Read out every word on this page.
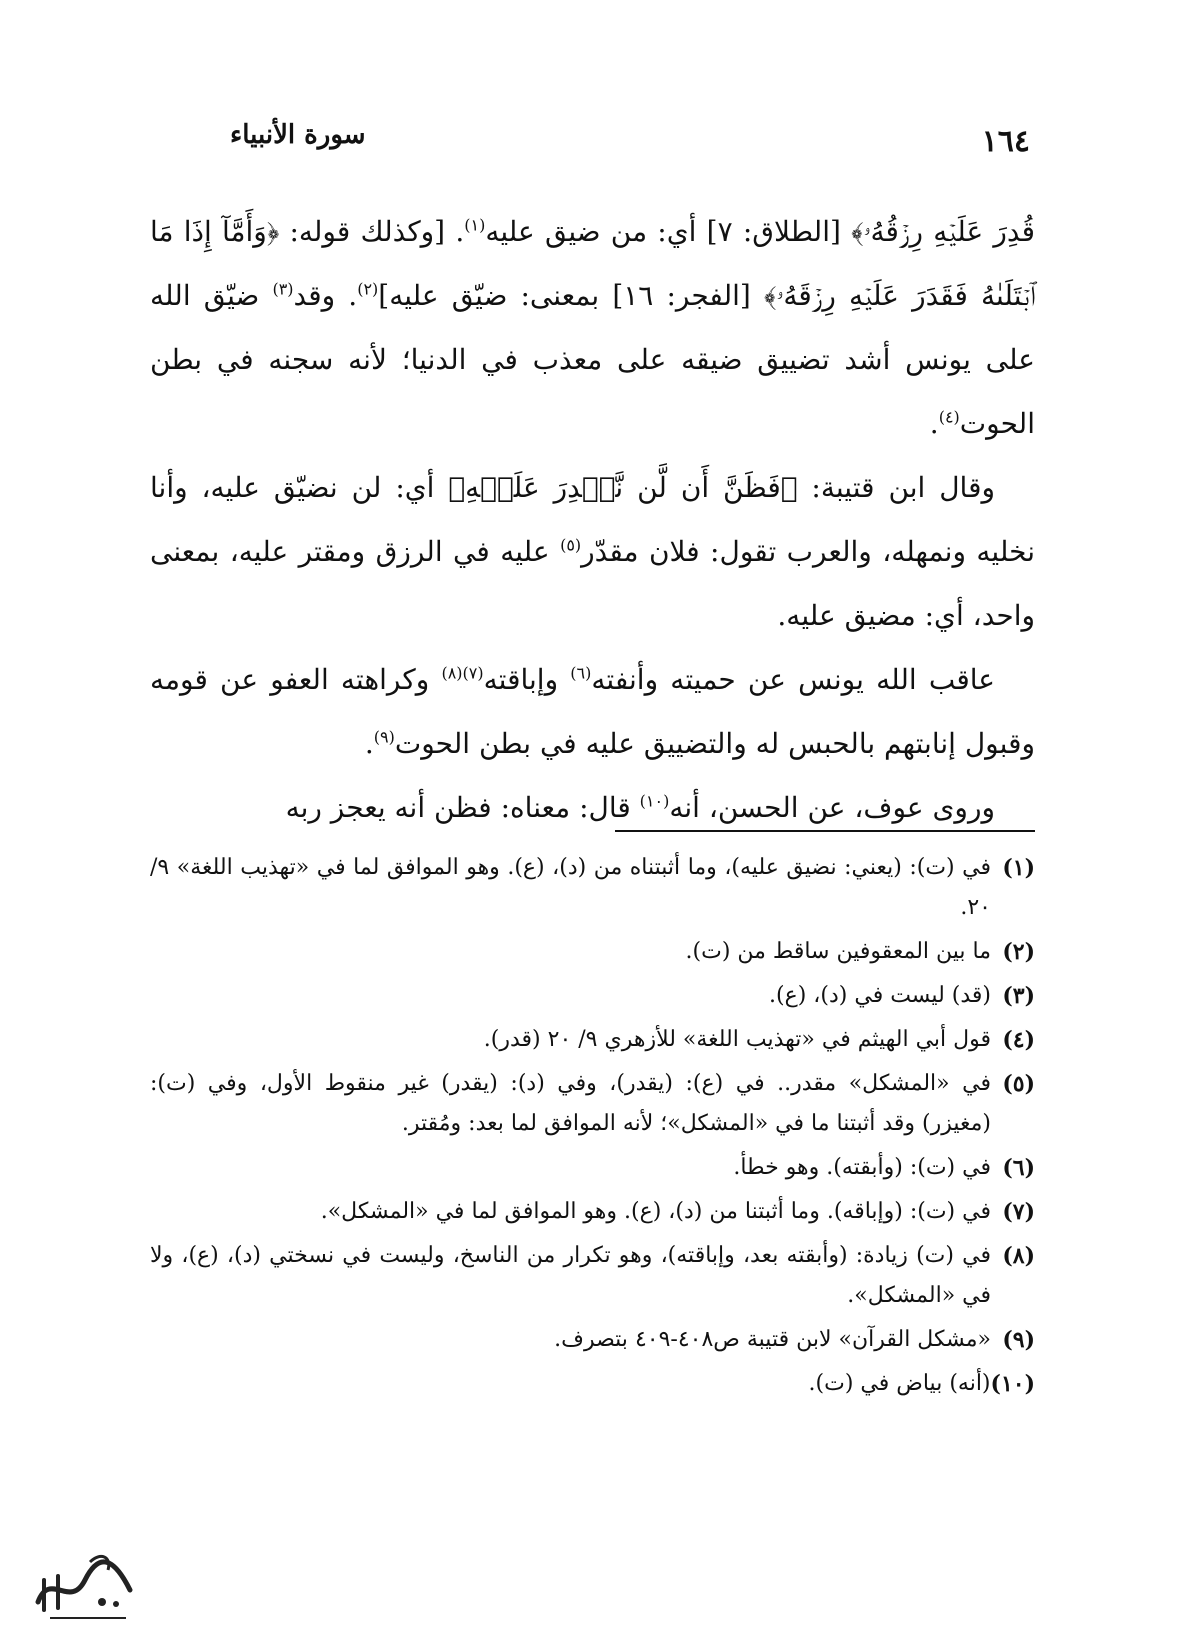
سورة الأنبياء	١٦٤

قُدِرَ عَلَيۡهِ رِزۡقُهُۥ﴾ [الطلاق: ٧] أي: من ضيق عليه$^{(١)}$. [وكذلك قوله: ﴿وَأَمَّآ إِذَا مَا ٱبۡتَلَىٰهُ فَقَدَرَ عَلَيۡهِ رِزۡقَهُۥ﴾ [الفجر: ١٦] بمعنى: ضيّق عليه]$^{(٢)}$. وقد$^{(٣)}$ ضيّق الله على يونس أشد تضييق ضيقه على معذب في الدنيا؛ لأنه سجنه في بطن الحوت$^{(٤)}$.

وقال ابن قتيبة: ﴿فَظَنَّ أَن لَّن نَّقۡدِرَ عَلَيۡهِ﴾ أي: لن نضيّق عليه، وأنا نخليه ونمهله، والعرب تقول: فلان مقدّر$^{(٥)}$ عليه في الرزق ومقتر عليه، بمعنى واحد، أي: مضيق عليه.

عاقب الله يونس عن حميته وأنفته$^{(٦)}$ وإباقته$^{(٧)(٨)}$ وكراهته العفو عن قومه وقبول إنابتهم بالحبس له والتضييق عليه في بطن الحوت$^{(٩)}$.

وروى عوف، عن الحسن، أنه$^{(١٠)}$ قال: معناه: فظن أنه يعجز ربه

(١)
في (ت): (يعني: نضيق عليه)، وما أثبتناه من (د)، (ع). وهو الموافق لما في «تهذيب اللغة» ٩/ ٢٠.
(٢)
ما بين المعقوفين ساقط من (ت).
(٣)
(قد) ليست في (د)، (ع).
(٤)
قول أبي الهيثم في «تهذيب اللغة» للأزهري ٩/ ٢٠ (قدر).
(٥)
في «المشكل» مقدر.. في (ع): (يقدر)، وفي (د): (يقدر) غير منقوط الأول، وفي (ت): (مغيزر) وقد أثبتنا ما في «المشكل»؛ لأنه الموافق لما بعد: ومُقتر.
(٦)
في (ت): (وأبقته). وهو خطأ.
(٧)
في (ت): (وإباقه). وما أثبتنا من (د)، (ع). وهو الموافق لما في «المشكل».
(٨)
في (ت) زيادة: (وأبقته بعد، وإباقته)، وهو تكرار من الناسخ، وليست في نسختي (د)، (ع)، ولا في «المشكل».
(٩)
«مشكل القرآن» لابن قتيبة ص٤٠٨-٤٠٩ بتصرف.
(١٠)
(أنه) بياض في (ت).
